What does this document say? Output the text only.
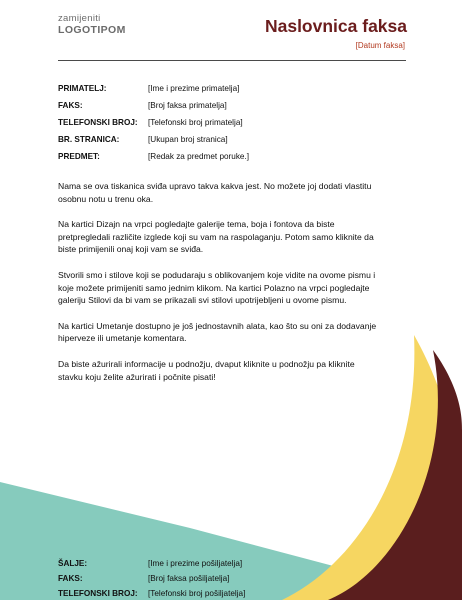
zamijeniti
LOGOTIPOM	Naslovnica faksa
[Datum faksa]
PRIMATELJ:	[Ime i prezime primatelja]
FAKS:	[Broj faksa primatelja]
TELEFONSKI BROJ:	[Telefonski broj primatelja]
BR. STRANICA:	[Ukupan broj stranica]
PREDMET:	[Redak za predmet poruke.]

Nama se ova tiskanica sviđa upravo takva kakva jest. No možete joj dodati vlastitu osobnu notu u trenu oka.

Na kartici Dizajn na vrpci pogledajte galerije tema, boja i fontova da biste pretpregledali različite izglede koji su vam na raspolaganju. Potom samo kliknite da biste primijenili onaj koji vam se sviđa.

Stvorili smo i stilove koji se podudaraju s oblikovanjem koje vidite na ovome pismu i koje možete primijeniti samo jednim klikom. Na kartici Polazno na vrpci pogledajte galeriju Stilovi da bi vam se prikazali svi stilovi upotrijebljeni u ovome pismu.

Na kartici Umetanje dostupno je još jednostavnih alata, kao što su oni za dodavanje hiperveze ili umetanje komentara.

Da biste ažurirali informacije u podnožju, dvaput kliknite u podnožju pa kliknite stavku koju želite ažurirati i počnite pisati!

ŠALJE:	[Ime i prezime pošiljatelja]
FAKS:	[Broj faksa pošiljatelja]
TELEFONSKI BROJ:	[Telefonski broj pošiljatelja]
